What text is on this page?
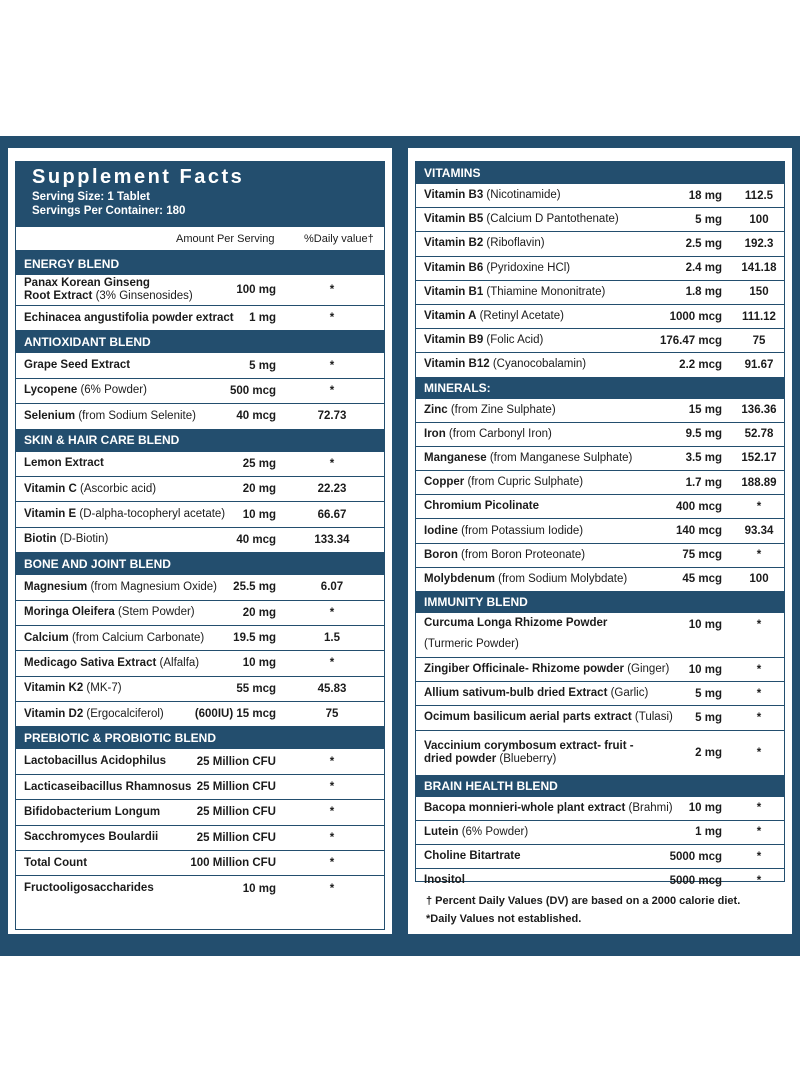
Supplement Facts
Serving Size: 1 Tablet
Servings Per Container: 180
Amount Per Serving	%Daily value†
ENERGY BLEND
Panax Korean Ginseng
Root Extract (3% Ginsenosides)	100 mg	*
Echinacea angustifolia powder extract 1 mg	*
ANTIOXIDANT BLEND
Grape Seed Extract	5 mg	*
Lycopene (6% Powder)	500 mcg	*
Selenium (from Sodium Selenite)	40 mcg	72.73
SKIN & HAIR CARE BLEND
Lemon Extract	25 mg	*
Vitamin C (Ascorbic acid)	20 mg	22.23
Vitamin E (D-alpha-tocopheryl acetate) 10 mg	66.67
Biotin (D-Biotin)	40 mcg	133.34
BONE AND JOINT BLEND
Magnesium (from Magnesium Oxide) 25.5 mg	6.07
Moringa Oleifera (Stem Powder)	20 mg	*
Calcium (from Calcium Carbonate)	19.5 mg	1.5
Medicago Sativa Extract (Alfalfa)	10 mg	*
Vitamin K2 (MK-7)	55 mcg	45.83
Vitamin D2 (Ergocalciferol)	(600IU) 15 mcg	75
PREBIOTIC & PROBIOTIC BLEND
Lactobacillus Acidophilus	25 Million CFU	*
Lacticaseibacillus Rhamnosus 25 Million CFU	*
Bifidobacterium Longum	25 Million CFU	*
Sacchromyces Boulardii	25 Million CFU	*
Total Count	100 Million CFU	*
Fructooligosaccharides	10 mg	*
VITAMINS
Vitamin B3 (Nicotinamide)	18 mg	112.5
Vitamin B5 (Calcium D Pantothenate)	5 mg	100
Vitamin B2 (Riboflavin)	2.5 mg	192.3
Vitamin B6 (Pyridoxine HCl)	2.4 mg	141.18
Vitamin B1 (Thiamine Mononitrate)	1.8 mg	150
Vitamin A (Retinyl Acetate)	1000 mcg	111.12
Vitamin B9 (Folic Acid)	176.47 mcg	75
Vitamin B12 (Cyanocobalamin)	2.2 mcg	91.67
MINERALS:
Zinc (from Zine Sulphate)	15 mg	136.36
Iron (from Carbonyl Iron)	9.5 mg	52.78
Manganese (from Manganese Sulphate)	3.5 mg	152.17
Copper (from Cupric Sulphate)	1.7 mg	188.89
Chromium Picolinate	400 mcg	*
Iodine (from Potassium Iodide)	140 mcg	93.34
Boron (from Boron Proteonate)	75 mcg	*
Molybdenum (from Sodium Molybdate)	45 mcg	100
IMMUNITY BLEND
Curcuma Longa Rhizome Powder
(Turmeric Powder)
10 mg	*
Zingiber Officinale- Rhizome powder (Ginger) 10 mg	*
Allium sativum-bulb dried Extract (Garlic)	5 mg	*
Ocimum basilicum aerial parts extract (Tulasi) 5 mg	*
Vaccinium corymbosum extract- fruit -
dried powder (Blueberry)	2 mg	*
BRAIN HEALTH BLEND
Bacopa monnieri-whole plant extract (Brahmi) 10 mg	*
Lutein (6% Powder)	1 mg	*
Choline Bitartrate	5000 mcg	*
Inositol	5000 mcg	*
† Percent Daily Values (DV) are based on a 2000 calorie diet.
*Daily Values not established.
